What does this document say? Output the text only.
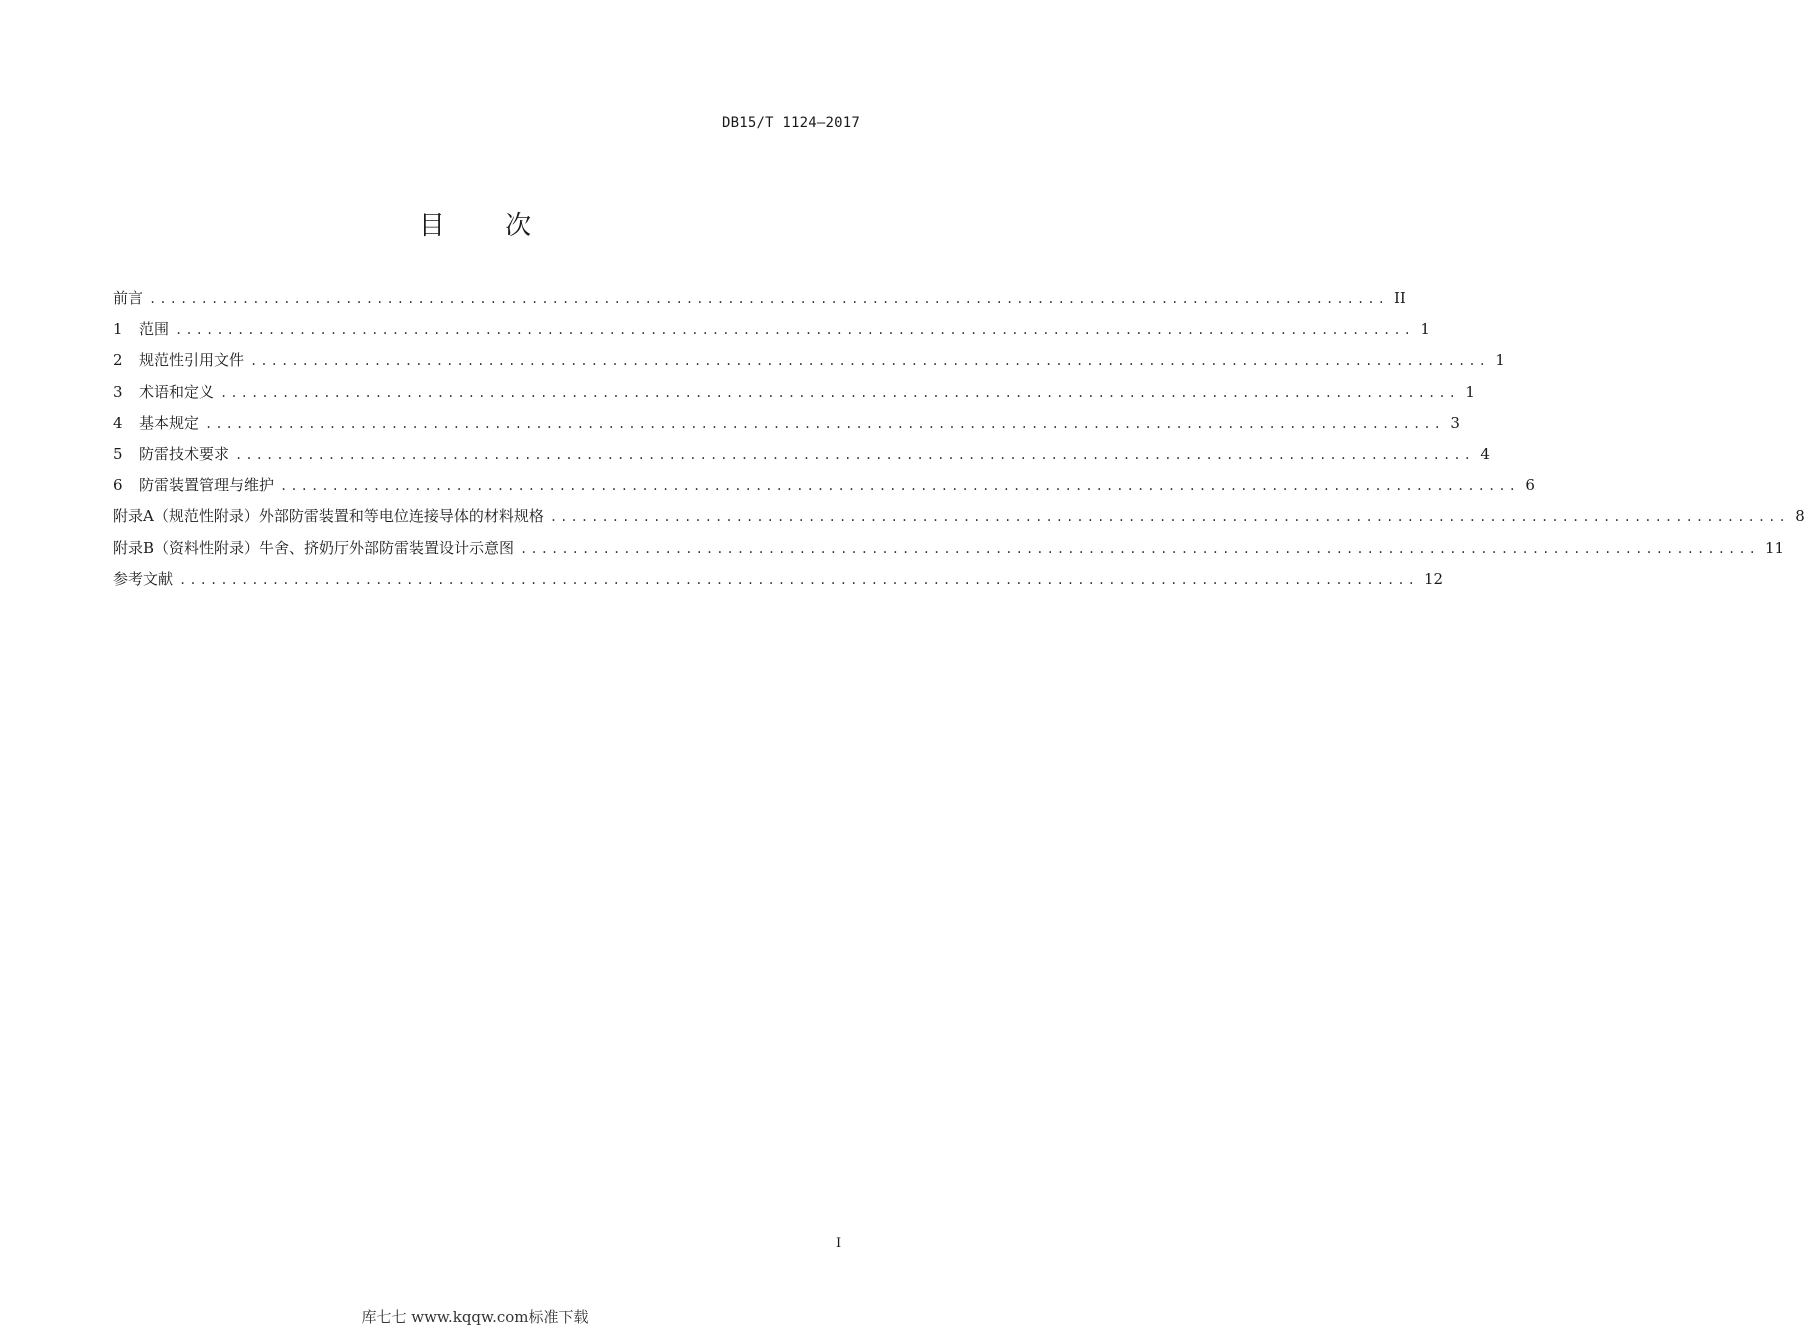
DB15/T 1124—2017
目 次
前言 ........................................................................................................................ II
1	范围 ........................................................................................................................ 1
2	规范性引用文件 ........................................................................................................................ 1
3	术语和定义 ........................................................................................................................ 1
4	基本规定 ........................................................................................................................ 3
5	防雷技术要求 ........................................................................................................................ 4
6	防雷装置管理与维护 ........................................................................................................................ 6
附录A（规范性附录） 外部防雷装置和等电位连接导体的材料规格 ........................................................................................................................ 8
附录B（资料性附录） 牛舍、挤奶厅外部防雷装置设计示意图 ........................................................................................................................ 11
参考文献 ........................................................................................................................ 12
I
库七七 www.kqqw.com标准下载
